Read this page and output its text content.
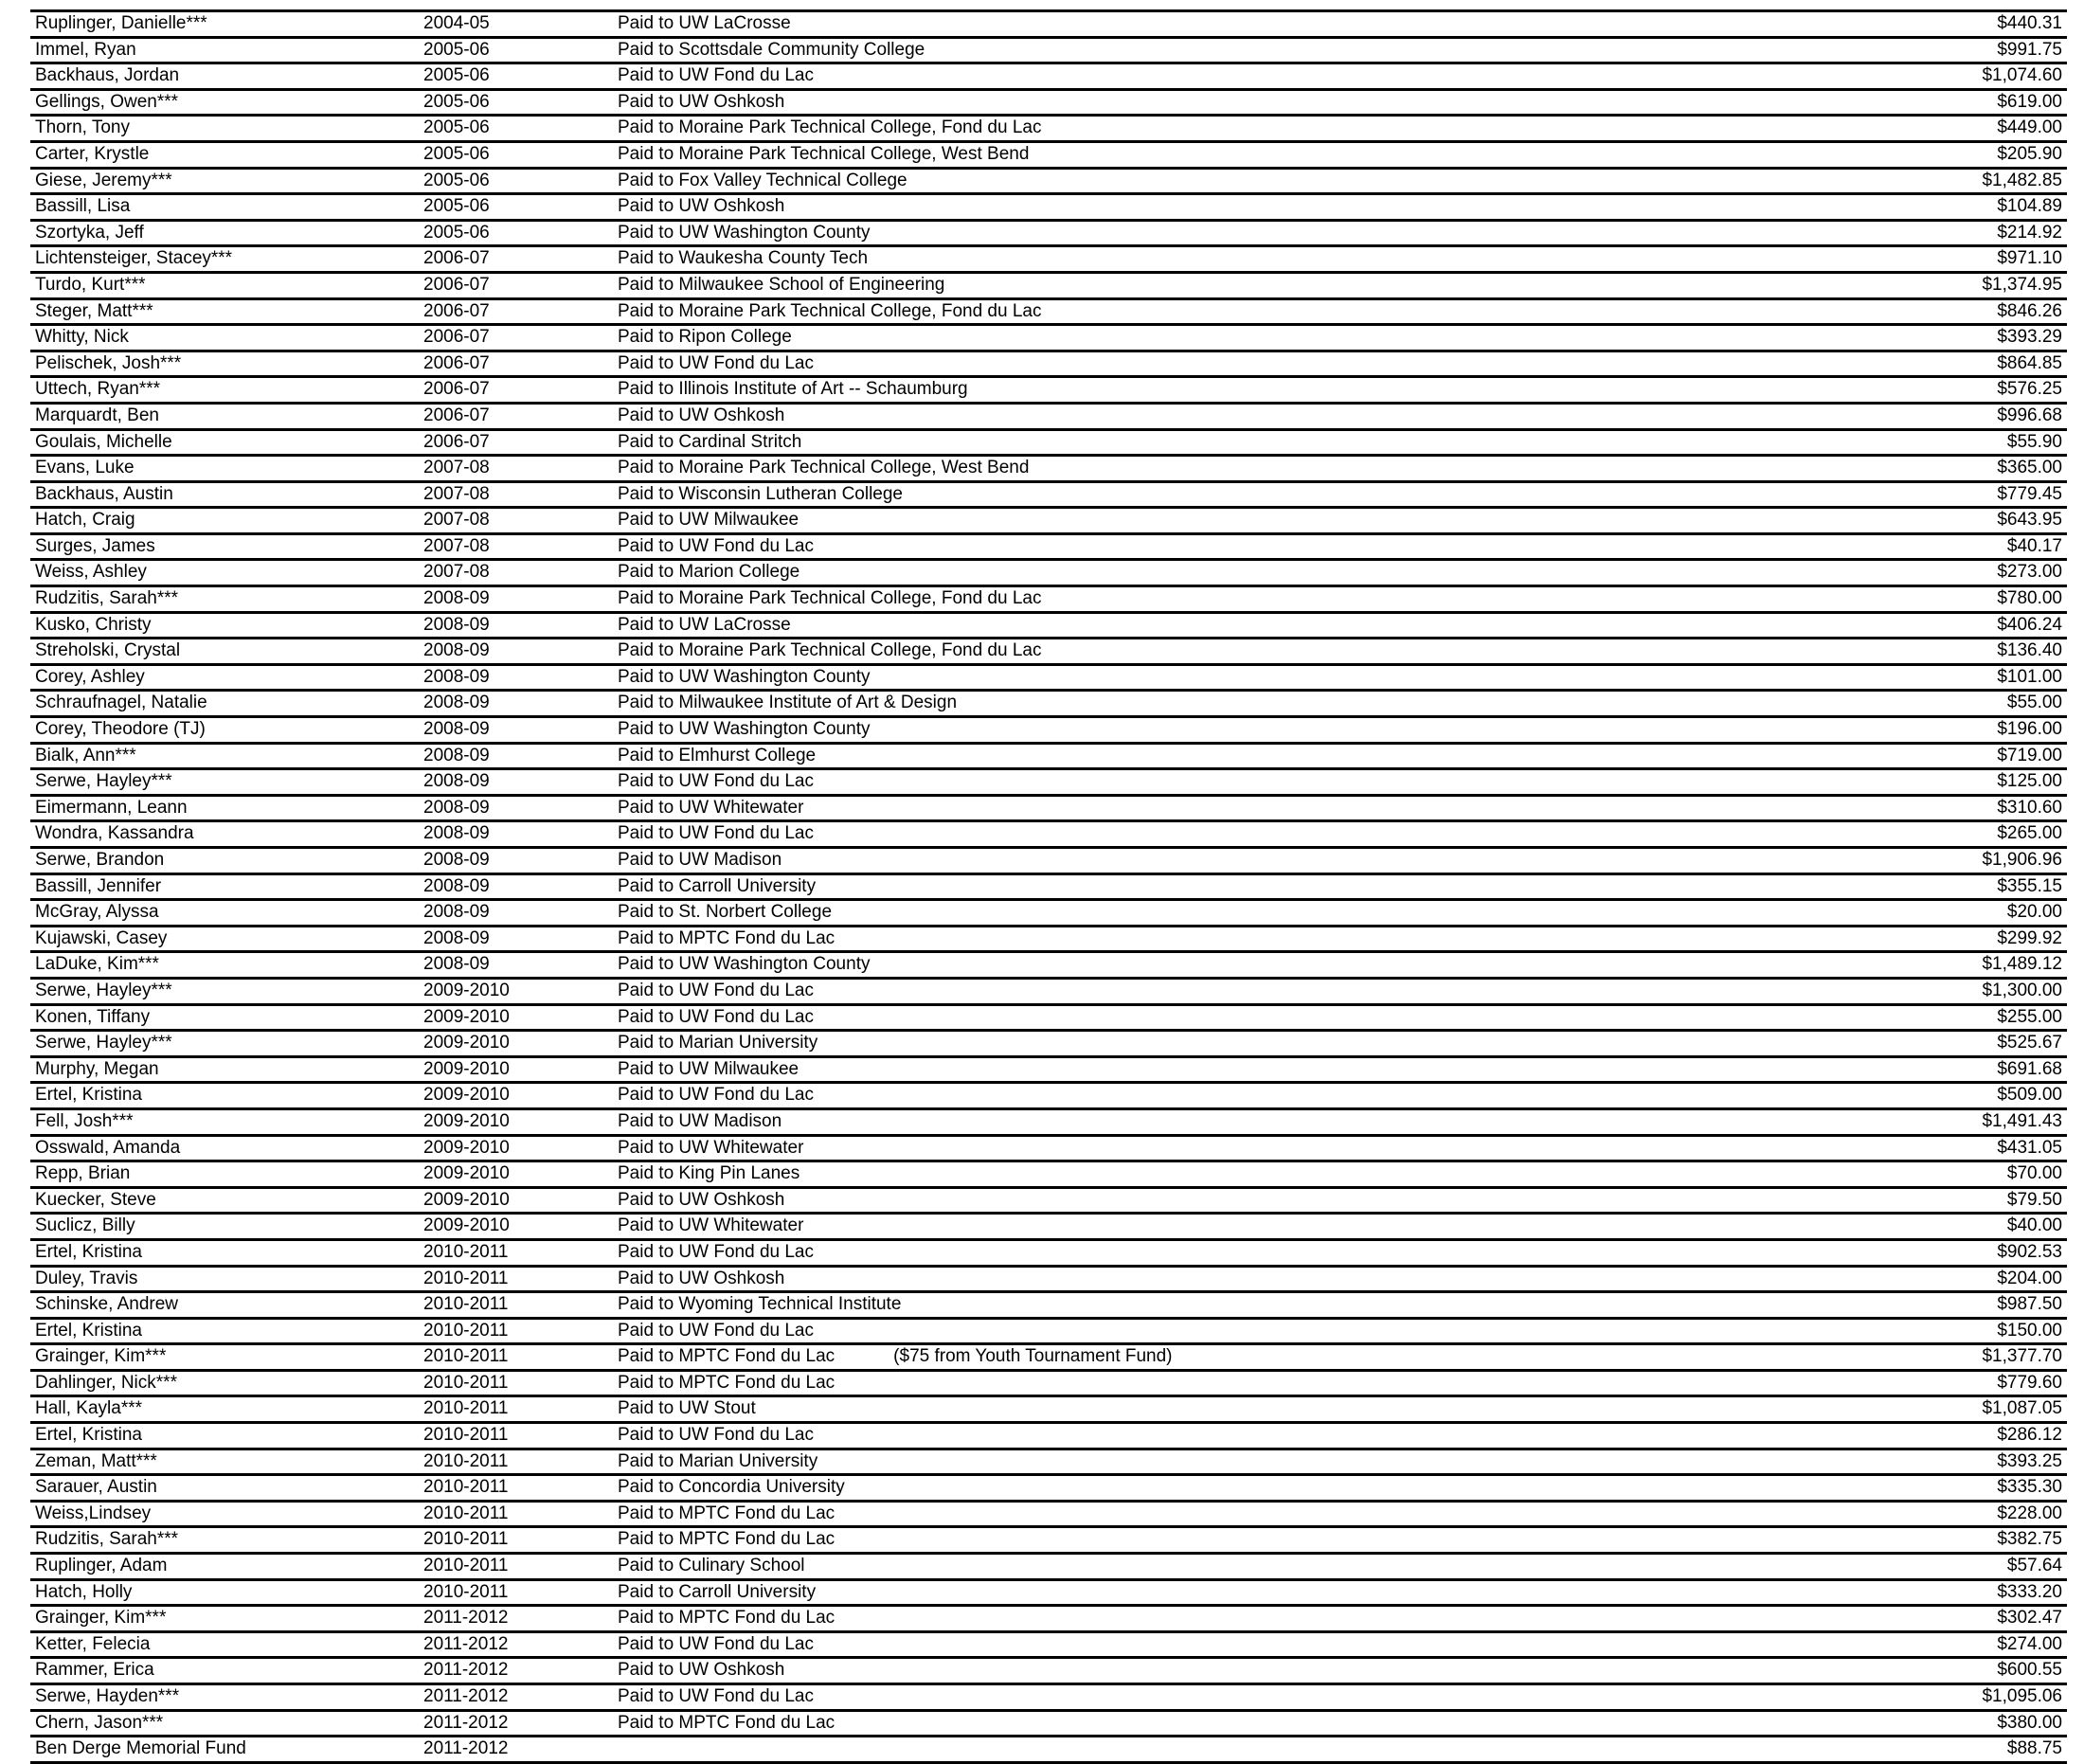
Ruplinger, Danielle***	2004-05	Paid to UW LaCrosse	$440.31
Immel, Ryan	2005-06	Paid to Scottsdale Community College	$991.75
Backhaus, Jordan	2005-06	Paid to UW Fond du Lac	$1,074.60
Gellings, Owen***	2005-06	Paid to UW Oshkosh	$619.00
Thorn, Tony	2005-06	Paid to Moraine Park Technical College, Fond du Lac	$449.00
Carter, Krystle	2005-06	Paid to Moraine Park Technical College, West Bend	$205.90
Giese, Jeremy***	2005-06	Paid to Fox Valley Technical College	$1,482.85
Bassill, Lisa	2005-06	Paid to UW Oshkosh	$104.89
Szortyka, Jeff	2005-06	Paid to UW Washington County	$214.92
Lichtensteiger, Stacey***	2006-07	Paid to Waukesha County Tech	$971.10
Turdo, Kurt***	2006-07	Paid to Milwaukee School of Engineering	$1,374.95
Steger, Matt***	2006-07	Paid to Moraine Park Technical College, Fond du Lac	$846.26
Whitty, Nick	2006-07	Paid to Ripon College	$393.29
Pelischek, Josh***	2006-07	Paid to UW Fond du Lac	$864.85
Uttech, Ryan***	2006-07	Paid to Illinois Institute of Art -- Schaumburg	$576.25
Marquardt, Ben	2006-07	Paid to UW Oshkosh	$996.68
Goulais, Michelle	2006-07	Paid to Cardinal Stritch	$55.90
Evans, Luke	2007-08	Paid to Moraine Park Technical College, West Bend	$365.00
Backhaus, Austin	2007-08	Paid to Wisconsin Lutheran College	$779.45
Hatch, Craig	2007-08	Paid to UW Milwaukee	$643.95
Surges, James	2007-08	Paid to UW Fond du Lac	$40.17
Weiss, Ashley	2007-08	Paid to Marion College	$273.00
Rudzitis, Sarah***	2008-09	Paid to Moraine Park Technical College, Fond du Lac	$780.00
Kusko, Christy	2008-09	Paid to UW LaCrosse	$406.24
Streholski, Crystal	2008-09	Paid to Moraine Park Technical College, Fond du Lac	$136.40
Corey, Ashley	2008-09	Paid to UW Washington County	$101.00
Schraufnagel, Natalie	2008-09	Paid to Milwaukee Institute of Art & Design	$55.00
Corey, Theodore (TJ)	2008-09	Paid to UW Washington County	$196.00
Bialk, Ann***	2008-09	Paid to Elmhurst College	$719.00
Serwe, Hayley***	2008-09	Paid to UW Fond du Lac	$125.00
Eimermann, Leann	2008-09	Paid to UW Whitewater	$310.60
Wondra, Kassandra	2008-09	Paid to UW Fond du Lac	$265.00
Serwe, Brandon	2008-09	Paid to UW Madison	$1,906.96
Bassill, Jennifer	2008-09	Paid to Carroll University	$355.15
McGray, Alyssa	2008-09	Paid to St. Norbert College	$20.00
Kujawski, Casey	2008-09	Paid to MPTC Fond du Lac	$299.92
LaDuke, Kim***	2008-09	Paid to UW Washington County	$1,489.12
Serwe, Hayley***	2009-2010	Paid to UW Fond du Lac	$1,300.00
Konen, Tiffany	2009-2010	Paid to UW Fond du Lac	$255.00
Serwe, Hayley***	2009-2010	Paid to Marian University	$525.67
Murphy, Megan	2009-2010	Paid to UW Milwaukee	$691.68
Ertel, Kristina	2009-2010	Paid to UW Fond du Lac	$509.00
Fell, Josh***	2009-2010	Paid to UW Madison	$1,491.43
Osswald, Amanda	2009-2010	Paid to UW Whitewater	$431.05
Repp, Brian	2009-2010	Paid to King Pin Lanes	$70.00
Kuecker, Steve	2009-2010	Paid to UW Oshkosh	$79.50
Suclicz, Billy	2009-2010	Paid to UW Whitewater	$40.00
Ertel, Kristina	2010-2011	Paid to UW Fond du Lac	$902.53
Duley, Travis	2010-2011	Paid to UW Oshkosh	$204.00
Schinske, Andrew	2010-2011	Paid to Wyoming Technical Institute	$987.50
Ertel, Kristina	2010-2011	Paid to UW Fond du Lac	$150.00
Grainger, Kim***	2010-2011	Paid to MPTC Fond du Lac ($75 from Youth Tournament Fund)	$1,377.70
Dahlinger, Nick***	2010-2011	Paid to MPTC Fond du Lac	$779.60
Hall, Kayla***	2010-2011	Paid to UW Stout	$1,087.05
Ertel, Kristina	2010-2011	Paid to UW Fond du Lac	$286.12
Zeman, Matt***	2010-2011	Paid to Marian University	$393.25
Sarauer, Austin	2010-2011	Paid to Concordia University	$335.30
Weiss,Lindsey	2010-2011	Paid to MPTC Fond du Lac	$228.00
Rudzitis, Sarah***	2010-2011	Paid to MPTC Fond du Lac	$382.75
Ruplinger, Adam	2010-2011	Paid to Culinary School	$57.64
Hatch, Holly	2010-2011	Paid to Carroll University	$333.20
Grainger, Kim***	2011-2012	Paid to MPTC Fond du Lac	$302.47
Ketter, Felecia	2011-2012	Paid to UW Fond du Lac	$274.00
Rammer, Erica	2011-2012	Paid to UW Oshkosh	$600.55
Serwe, Hayden***	2011-2012	Paid to UW Fond du Lac	$1,095.06
Chern, Jason***	2011-2012	Paid to MPTC Fond du Lac	$380.00
Ben Derge Memorial Fund	2011-2012		$88.75
